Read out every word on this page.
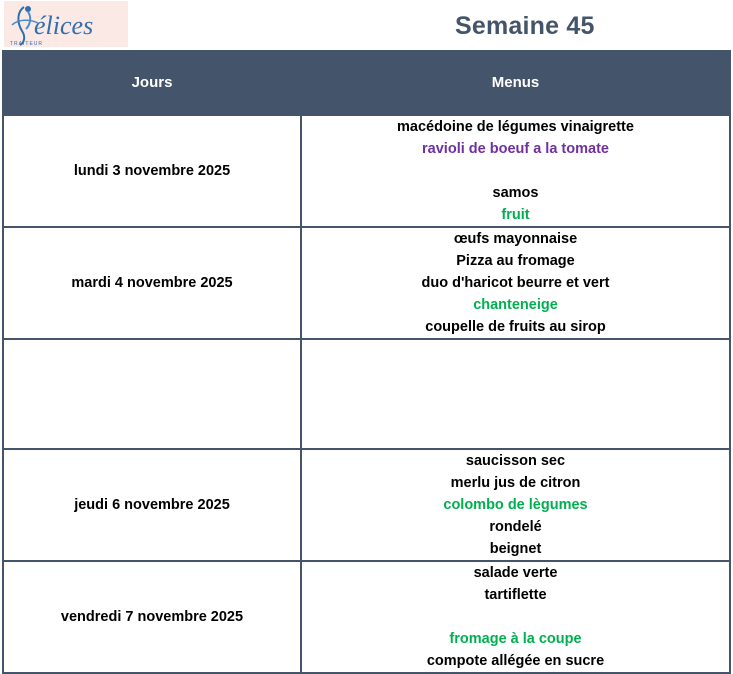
élices
TRAITEUR
Semaine 45
Jours	Menus
lundi 3 novembre 2025	macédoine de légumes vinaigrette
ravioli de boeuf a la tomate
samos
fruit

mardi 4 novembre 2025	œufs mayonnaise
Pizza au fromage
duo d'haricot beurre et vert
chanteneige
coupelle de fruits au sirop

jeudi 6 novembre 2025	saucisson sec
merlu jus de citron
colombo de lègumes
rondelé
beignet

vendredi 7 novembre 2025	salade verte
tartiflette
fromage à la coupe
compote allégée en sucre
